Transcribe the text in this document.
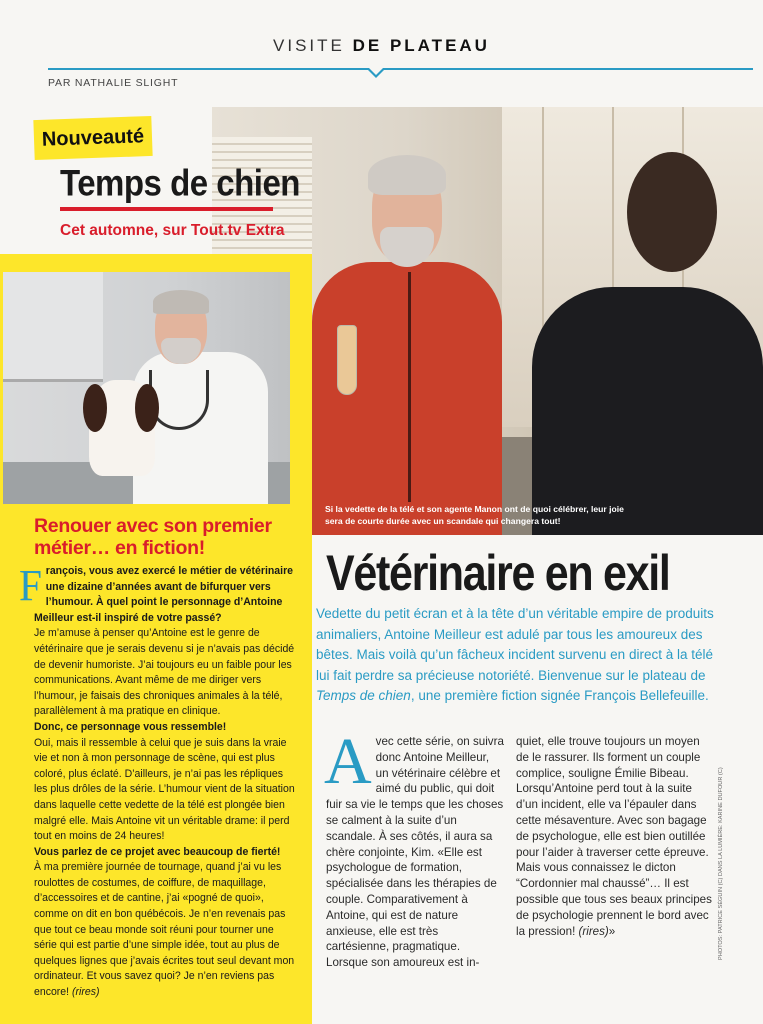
VISITE DE PLATEAU
PAR NATHALIE SLIGHT
Si la vedette de la télé et son agente Manon ont de quoi célébrer, leur joie sera de courte durée avec un scandale qui changera tout!
Nouveauté
Temps de chien
Cet automne, sur Tout.tv Extra
Renouer avec son premier métier… en fiction!
F rançois, vous avez exercé le métier de vétérinaire une dizaine d’années avant de bifurquer vers l’humour. À quel point le personnage d’Antoine Meilleur est-il inspiré de votre passé?

Je m’amuse à penser qu’Antoine est le genre de vétérinaire que je serais devenu si je n’avais pas décidé de devenir humoriste. J’ai toujours eu un faible pour les communications. Avant même de me diriger vers l’humour, je faisais des chroniques animales à la télé, parallèlement à ma pratique en clinique.

Donc, ce personnage vous ressemble!

Oui, mais il ressemble à celui que je suis dans la vraie vie et non à mon personnage de scène, qui est plus coloré, plus éclaté. D’ailleurs, je n’ai pas les répliques les plus drôles de la série. L’humour vient de la situation dans laquelle cette vedette de la télé est plongée bien malgré elle. Mais Antoine vit un véritable drame: il perd tout en moins de 24 heures!

Vous parlez de ce projet avec beaucoup de fierté!

À ma première journée de tournage, quand j’ai vu les roulottes de costumes, de coiffure, de maquillage, d’accessoires et de cantine, j’ai «pogné de quoi», comme on dit en bon québécois. Je n’en revenais pas que tout ce beau monde soit réuni pour tourner une série qui est partie d’une simple idée, tout au plus de quelques lignes que j’avais écrites tout seul devant mon ordinateur. Et vous savez quoi? Je n’en reviens pas encore! (rires)

Vétérinaire en exil
Vedette du petit écran et à la tête d’un véritable empire de produits animaliers, Antoine Meilleur est adulé par tous les amoureux des bêtes. Mais voilà qu’un fâcheux incident survenu en direct à la télé lui fait perdre sa précieuse notoriété. Bienvenue sur le plateau de Temps de chien, une première fiction signée François Bellefeuille.
Avec cette série, on suivra donc Antoine Meilleur, un vétérinaire célèbre et aimé du public, qui doit fuir sa vie le temps que les choses se calment à la suite d’un scandale. À ses côtés, il aura sa chère conjointe, Kim. «Elle est psychologue de formation, spécialisée dans les thérapies de couple. Comparativement à Antoine, qui est de nature anxieuse, elle est très cartésienne, pragmatique. Lorsque son amoureux est in-
quiet, elle trouve toujours un moyen de le rassurer. Ils forment un couple complice, souligne Émilie Bibeau. Lorsqu’Antoine perd tout à la suite d’un incident, elle va l’épauler dans cette mésaventure. Avec son bagage de psychologue, elle est bien outillée pour l’aider à traverser cette épreuve. Mais vous connaissez le dicton “Cordonnier mal chaussé”… Il est possible que tous ses beaux principes de psychologie prennent le bord avec la pression! (rires)»	PHOTOS: PATRICE SÉGUIN (C) DANS LA LUMIÈRE: KARINE DUFOUR (C)
